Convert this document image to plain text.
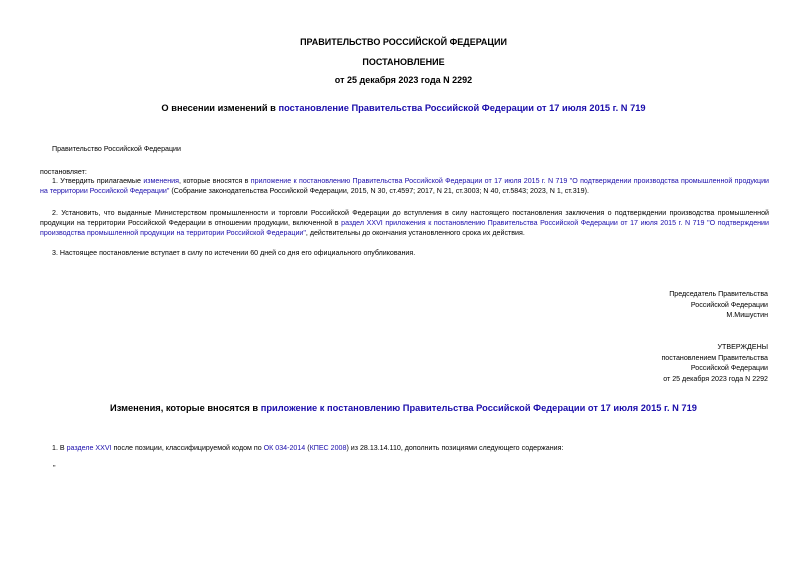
ПРАВИТЕЛЬСТВО РОССИЙСКОЙ ФЕДЕРАЦИИ
ПОСТАНОВЛЕНИЕ
от 25 декабря 2023 года N 2292
О внесении изменений в постановление Правительства Российской Федерации от 17 июля 2015 г. N 719
Правительство Российской Федерации
постановляет:
1. Утвердить прилагаемые изменения, которые вносятся в приложение к постановлению Правительства Российской Федерации от 17 июля 2015 г. N 719 "О подтверждении производства промышленной продукции на территории Российской Федерации" (Собрание законодательства Российской Федерации, 2015, N 30, ст.4597; 2017, N 21, ст.3003; N 40, ст.5843; 2023, N 1, ст.319).
2. Установить, что выданные Министерством промышленности и торговли Российской Федерации до вступления в силу настоящего постановления заключения о подтверждении производства промышленной продукции на территории Российской Федерации в отношении продукции, включенной в раздел XXVI приложения к постановлению Правительства Российской Федерации от 17 июля 2015 г. N 719 "О подтверждении производства промышленной продукции на территории Российской Федерации", действительны до окончания установленного срока их действия.
3. Настоящее постановление вступает в силу по истечении 60 дней со дня его официального опубликования.
Председатель Правительства
Российской Федерации
М.Мишустин
УТВЕРЖДЕНЫ
постановлением Правительства
Российской Федерации
от 25 декабря 2023 года N 2292
Изменения, которые вносятся в приложение к постановлению Правительства Российской Федерации от 17 июля 2015 г. N 719
1. В разделе XXVI после позиции, классифицируемой кодом по ОК 034-2014 (КПЕС 2008) из 28.13.14.110, дополнить позициями следующего содержания:
"
